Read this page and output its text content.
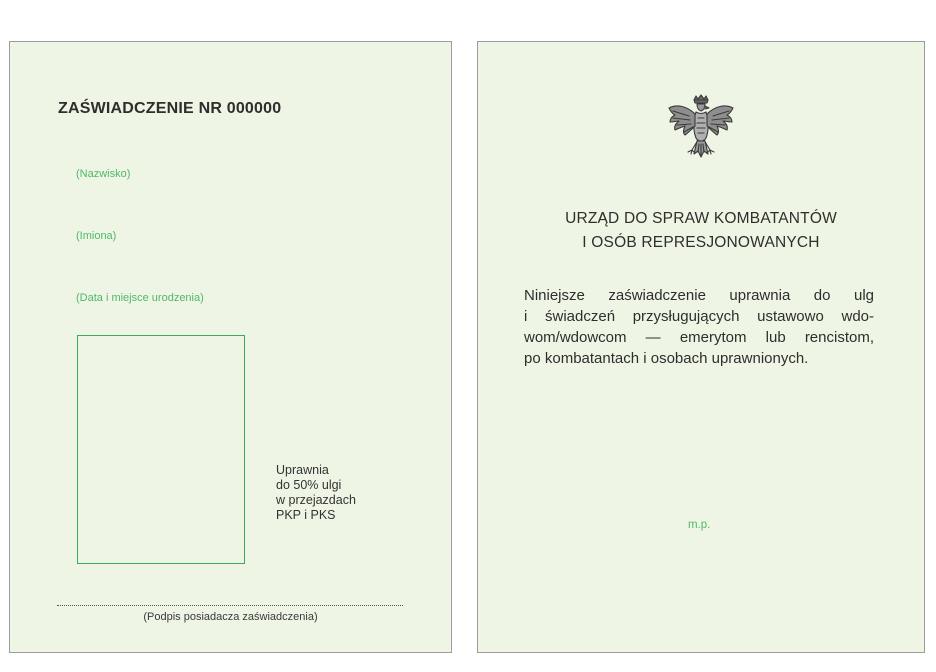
ZAŚWIADCZENIE NR 000000
(Nazwisko)
(Imiona)
(Data i miejsce urodzenia)
Uprawnia
do 50% ulgi
w przejazdach
PKP i PKS
(Podpis posiadacza zaświadczenia)
URZĄD DO SPRAW KOMBATANTÓW
I OSÓB REPRESJONOWANYCH
Niniejsze zaświadczenie uprawnia do ulg
i świadczeń przysługujących ustawowo wdo-
wom/wdowcom — emerytom lub rencistom,
po kombatantach i osobach uprawnionych.
m.p.
